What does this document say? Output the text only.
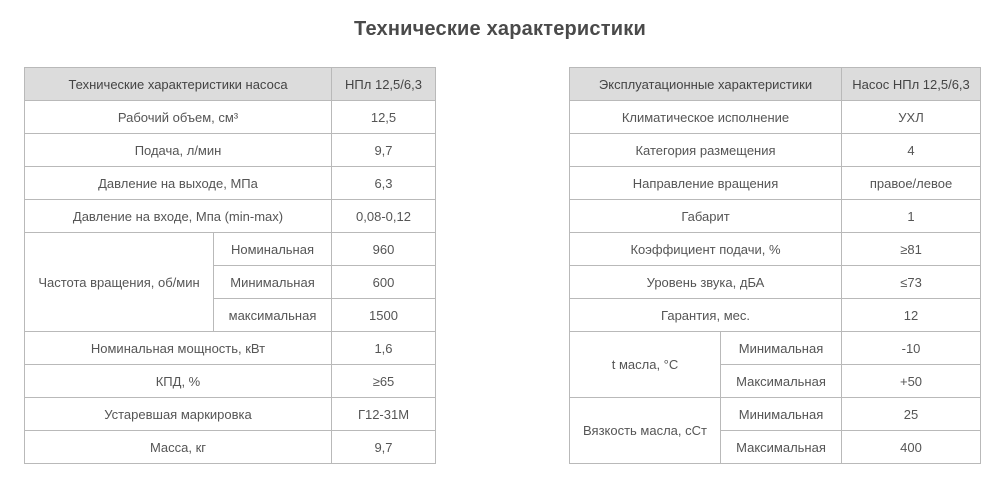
Технические характеристики
Технические характеристики насоса		НПл 12,5/6,3
Рабочий объем, см³		12,5
Подача, л/мин		9,7
Давление на выходе, МПа		6,3
Давление на входе, Мпа (min-max)		0,08-0,12
Частота вращения, об/мин	Номинальная	960
	Минимальная	600
	максимальная	1500
Номинальная мощность, кВт		1,6
КПД, %		≥65
Устаревшая маркировка		Г12-31М
Масса, кг		9,7
Эксплуатационные характеристики		Насос НПл 12,5/6,3
Климатическое исполнение		УХЛ
Категория размещения		4
Направление вращения		правое/левое
Габарит		1
Коэффициент подачи, %		≥81
Уровень звука, дБА		≤73
Гарантия, мес.		12
t масла, °С	Минимальная	-10
	Максимальная	+50
Вязкость масла, сСт	Минимальная	25
	Максимальная	400
